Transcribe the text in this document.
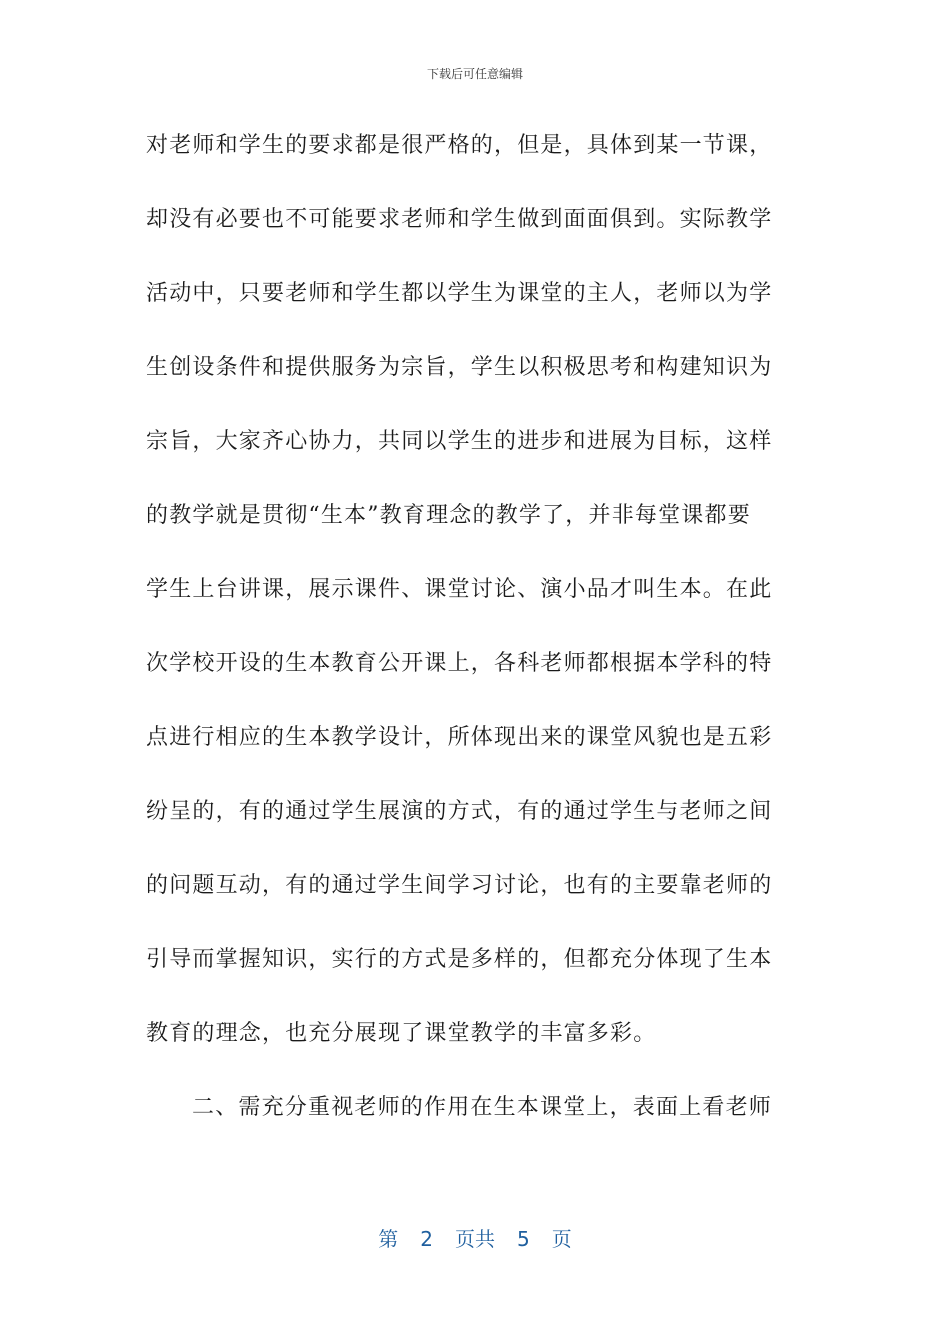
下载后可任意编辑
对老师和学生的要求都是很严格的，但是，具体到某一节课，
却没有必要也不可能要求老师和学生做到面面俱到。实际教学
活动中，只要老师和学生都以学生为课堂的主人，老师以为学
生创设条件和提供服务为宗旨，学生以积极思考和构建知识为
宗旨，大家齐心协力，共同以学生的进步和进展为目标，这样
的教学就是贯彻“生本”教育理念的教学了，并非每堂课都要
学生上台讲课，展示课件、课堂讨论、演小品才叫生本。在此
次学校开设的生本教育公开课上，各科老师都根据本学科的特
点进行相应的生本教学设计，所体现出来的课堂风貌也是五彩
纷呈的，有的通过学生展演的方式，有的通过学生与老师之间
的问题互动，有的通过学生间学习讨论，也有的主要靠老师的
引导而掌握知识，实行的方式是多样的，但都充分体现了生本
教育的理念，也充分展现了课堂教学的丰富多彩。
二、需充分重视老师的作用在生本课堂上，表面上看老师
第 2 页共 5 页
